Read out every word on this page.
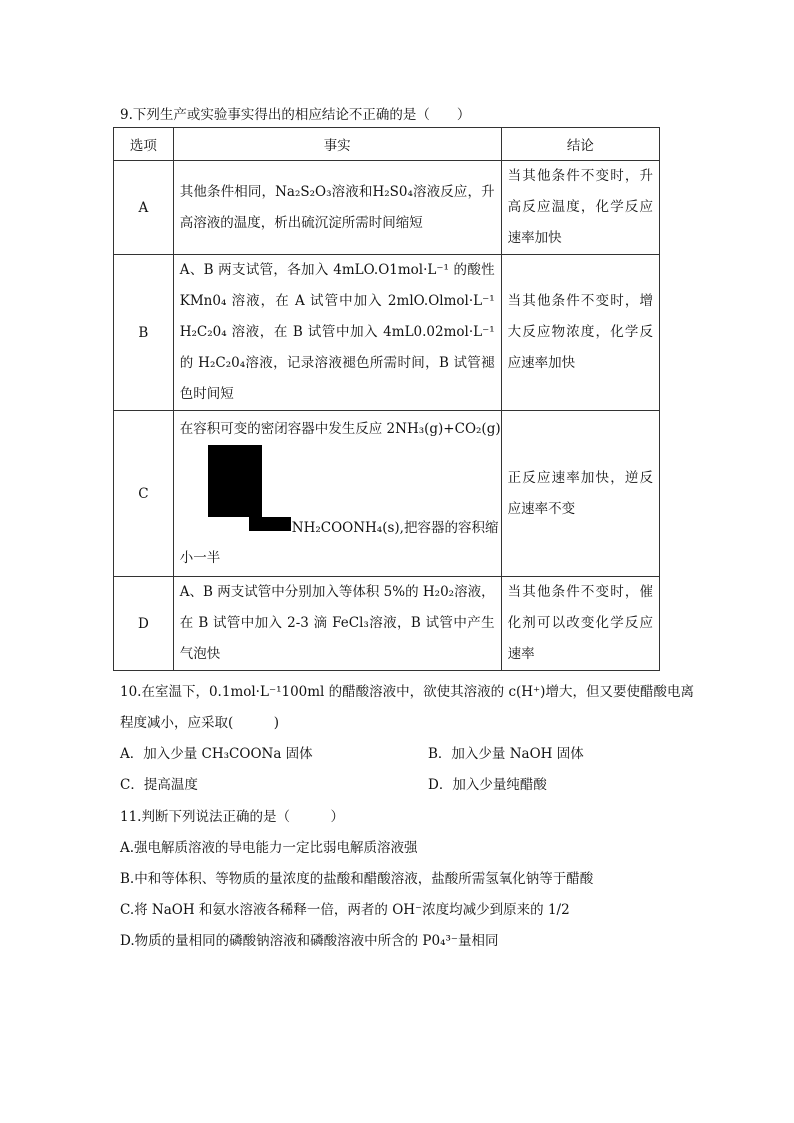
9.下列生产或实验事实得出的相应结论不正确的是（　　）
选项	事实	结论
A	其他条件相同，Na₂S₂O₃溶液和H₂S0₄溶液反应，升高溶液的温度，析出硫沉淀所需时间缩短	当其他条件不变时，升高反应温度，化学反应速率加快

B	A、B 两支试管，各加入 4mLO.O1mol·L⁻¹ 的酸性 KMn0₄ 溶液，在 A 试管中加入 2mlO.Olmol·L⁻¹ H₂C₂0₄ 溶液，在 B 试管中加入 4mL0.02mol·L⁻¹的 H₂C₂0₄溶液，记录溶液褪色所需时间，B 试管褪色时间短	当其他条件不变时，增大反应物浓度，化学反应速率加快

C	在容积可变的密闭容器中发生反应 2NH₃(g)+CO₂(g)
NH₂COONH₄(s),把容器的容积缩
小一半	正反应速率加快，逆反应速率不变

D	A、B 两支试管中分别加入等体积 5%的 H₂0₂溶液，在 B 试管中加入 2-3 滴 FeCl₃溶液，B 试管中产生气泡快	当其他条件不变时，催化剂可以改变化学反应速率
10.在室温下，0.1mol·L⁻¹100ml 的醋酸溶液中，欲使其溶液的 c(H⁺)增大，但又要使醋酸电离
程度减小，应采取(　　　)
A．加入少量 CH₃COONa 固体	B．加入少量 NaOH 固体
C．提高温度	D．加入少量纯醋酸
11.判断下列说法正确的是（　　　）
A.强电解质溶液的导电能力一定比弱电解质溶液强
B.中和等体积、等物质的量浓度的盐酸和醋酸溶液，盐酸所需氢氧化钠等于醋酸
C.将 NaOH 和氨水溶液各稀释一倍，两者的 OH⁻浓度均减少到原来的 1/2
D.物质的量相同的磷酸钠溶液和磷酸溶液中所含的 P0₄³⁻量相同
